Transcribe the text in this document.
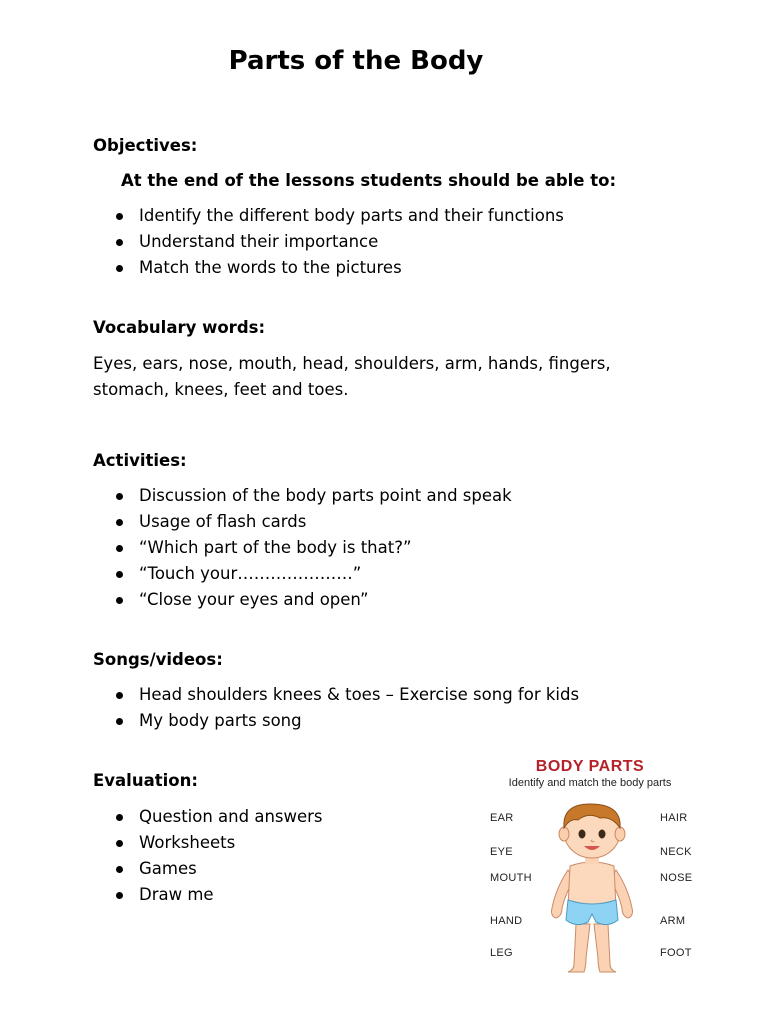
Parts of the Body

Objectives:

At the end of the lessons students should be able to:

Identify the different body parts and their functions
Understand their importance
Match the words to the pictures

Vocabulary words:

Eyes, ears, nose, mouth, head, shoulders, arm, hands, fingers,

stomach, knees, feet and toes.

Activities:

Discussion of the body parts point and speak
Usage of flash cards
“Which part of the body is that?”
“Touch your…………………”
“Close your eyes and open”

Songs/videos:

Head shoulders knees & toes – Exercise song for kids
My body parts song

Evaluation:

Question and answers
Worksheets
Games
Draw me
BODY PARTS
Identify and match the body parts
EAR
EYE
MOUTH
HAND
LEG
HAIR
NECK
NOSE
ARM
FOOT
